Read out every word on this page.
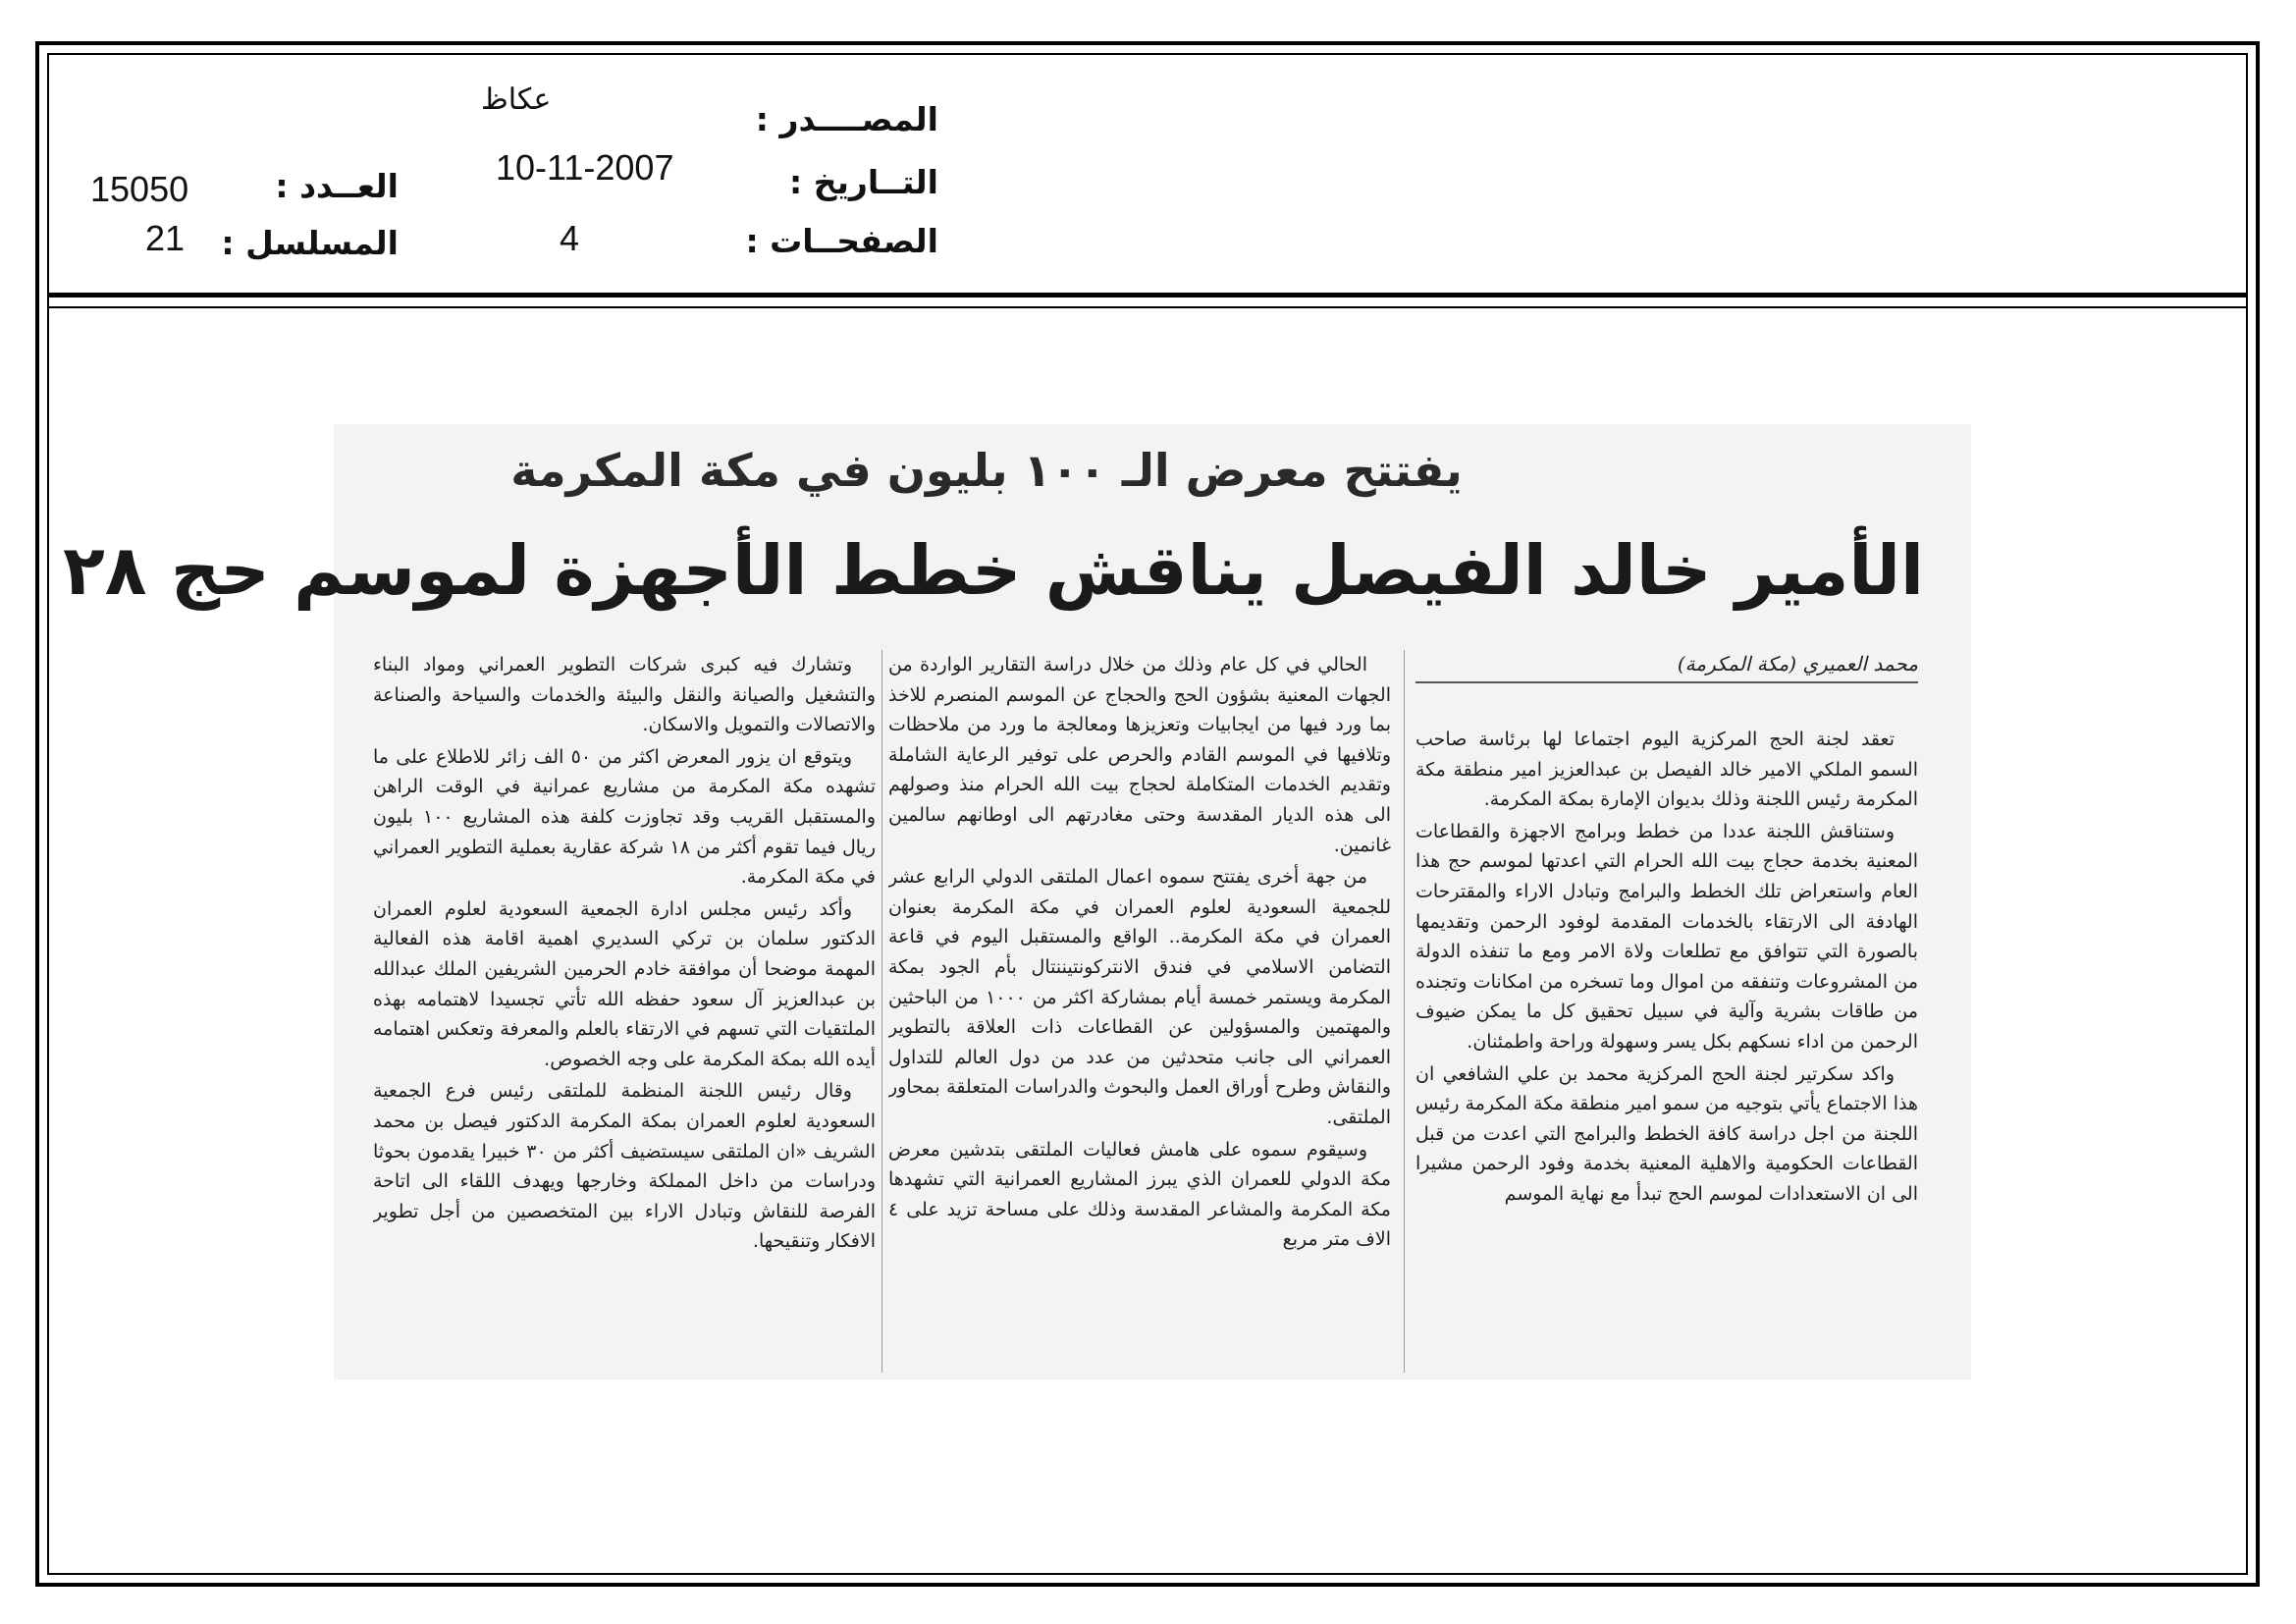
المصــــدر :
عكاظ
التــاريخ :
10-11-2007
الصفحــات :
4
العــدد :
15050
المسلسل :
21
يفتتح معرض الـ ١٠٠ بليون في مكة المكرمة
الأمير خالد الفيصل يناقش خطط الأجهزة لموسم حج ٢٨
محمد العميري (مكة المكرمة)

تعقد لجنة الحج المركزية اليوم اجتماعا لها برئاسة صاحب السمو الملكي الامير خالد الفيصل بن عبدالعزيز امير منطقة مكة المكرمة رئيس اللجنة وذلك بديوان الإمارة بمكة المكرمة.

وستناقش اللجنة عددا من خطط وبرامج الاجهزة والقطاعات المعنية بخدمة حجاج بيت الله الحرام التي اعدتها لموسم حج هذا العام واستعراض تلك الخطط والبرامج وتبادل الاراء والمقترحات الهادفة الى الارتقاء بالخدمات المقدمة لوفود الرحمن وتقديمها بالصورة التي تتوافق مع تطلعات ولاة الامر ومع ما تنفذه الدولة من المشروعات وتنفقه من اموال وما تسخره من امكانات وتجنده من طاقات بشرية وآلية في سبيل تحقيق كل ما يمكن ضيوف الرحمن من اداء نسكهم بكل يسر وسهولة وراحة واطمئنان.

واكد سكرتير لجنة الحج المركزية محمد بن علي الشافعي ان هذا الاجتماع يأتي بتوجيه من سمو امير منطقة مكة المكرمة رئيس اللجنة من اجل دراسة كافة الخطط والبرامج التي اعدت من قبل القطاعات الحكومية والاهلية المعنية بخدمة وفود الرحمن مشيرا الى ان الاستعدادات لموسم الحج تبدأ مع نهاية الموسم

الحالي في كل عام وذلك من خلال دراسة التقارير الواردة من الجهات المعنية بشؤون الحج والحجاج عن الموسم المنصرم للاخذ بما ورد فيها من ايجابيات وتعزيزها ومعالجة ما ورد من ملاحظات وتلافيها في الموسم القادم والحرص على توفير الرعاية الشاملة وتقديم الخدمات المتكاملة لحجاج بيت الله الحرام منذ وصولهم الى هذه الديار المقدسة وحتى مغادرتهم الى اوطانهم سالمين غانمين.

من جهة أخرى يفتتح سموه اعمال الملتقى الدولي الرابع عشر للجمعية السعودية لعلوم العمران في مكة المكرمة بعنوان العمران في مكة المكرمة.. الواقع والمستقبل اليوم في قاعة التضامن الاسلامي في فندق الانتركونتيننتال بأم الجود بمكة المكرمة ويستمر خمسة أيام بمشاركة اكثر من ١٠٠٠ من الباحثين والمهتمين والمسؤولين عن القطاعات ذات العلاقة بالتطوير العمراني الى جانب متحدثين من عدد من دول العالم للتداول والنقاش وطرح أوراق العمل والبحوث والدراسات المتعلقة بمحاور الملتقى.

وسيقوم سموه على هامش فعاليات الملتقى بتدشين معرض مكة الدولي للعمران الذي يبرز المشاريع العمرانية التي تشهدها مكة المكرمة والمشاعر المقدسة وذلك على مساحة تزيد على ٤ الاف متر مربع

وتشارك فيه كبرى شركات التطوير العمراني ومواد البناء والتشغيل والصيانة والنقل والبيئة والخدمات والسياحة والصناعة والاتصالات والتمويل والاسكان.

ويتوقع ان يزور المعرض اكثر من ٥٠ الف زائر للاطلاع على ما تشهده مكة المكرمة من مشاريع عمرانية في الوقت الراهن والمستقبل القريب وقد تجاوزت كلفة هذه المشاريع ١٠٠ بليون ريال فيما تقوم أكثر من ١٨ شركة عقارية بعملية التطوير العمراني في مكة المكرمة.

وأكد رئيس مجلس ادارة الجمعية السعودية لعلوم العمران الدكتور سلمان بن تركي السديري اهمية اقامة هذه الفعالية المهمة موضحا أن موافقة خادم الحرمين الشريفين الملك عبدالله بن عبدالعزيز آل سعود حفظه الله تأتي تجسيدا لاهتمامه بهذه الملتقيات التي تسهم في الارتقاء بالعلم والمعرفة وتعكس اهتمامه أيده الله بمكة المكرمة على وجه الخصوص.

وقال رئيس اللجنة المنظمة للملتقى رئيس فرع الجمعية السعودية لعلوم العمران بمكة المكرمة الدكتور فيصل بن محمد الشريف «ان الملتقى سيستضيف أكثر من ٣٠ خبيرا يقدمون بحوثا ودراسات من داخل المملكة وخارجها ويهدف اللقاء الى اتاحة الفرصة للنقاش وتبادل الاراء بين المتخصصين من أجل تطوير الافكار وتنقيحها.
